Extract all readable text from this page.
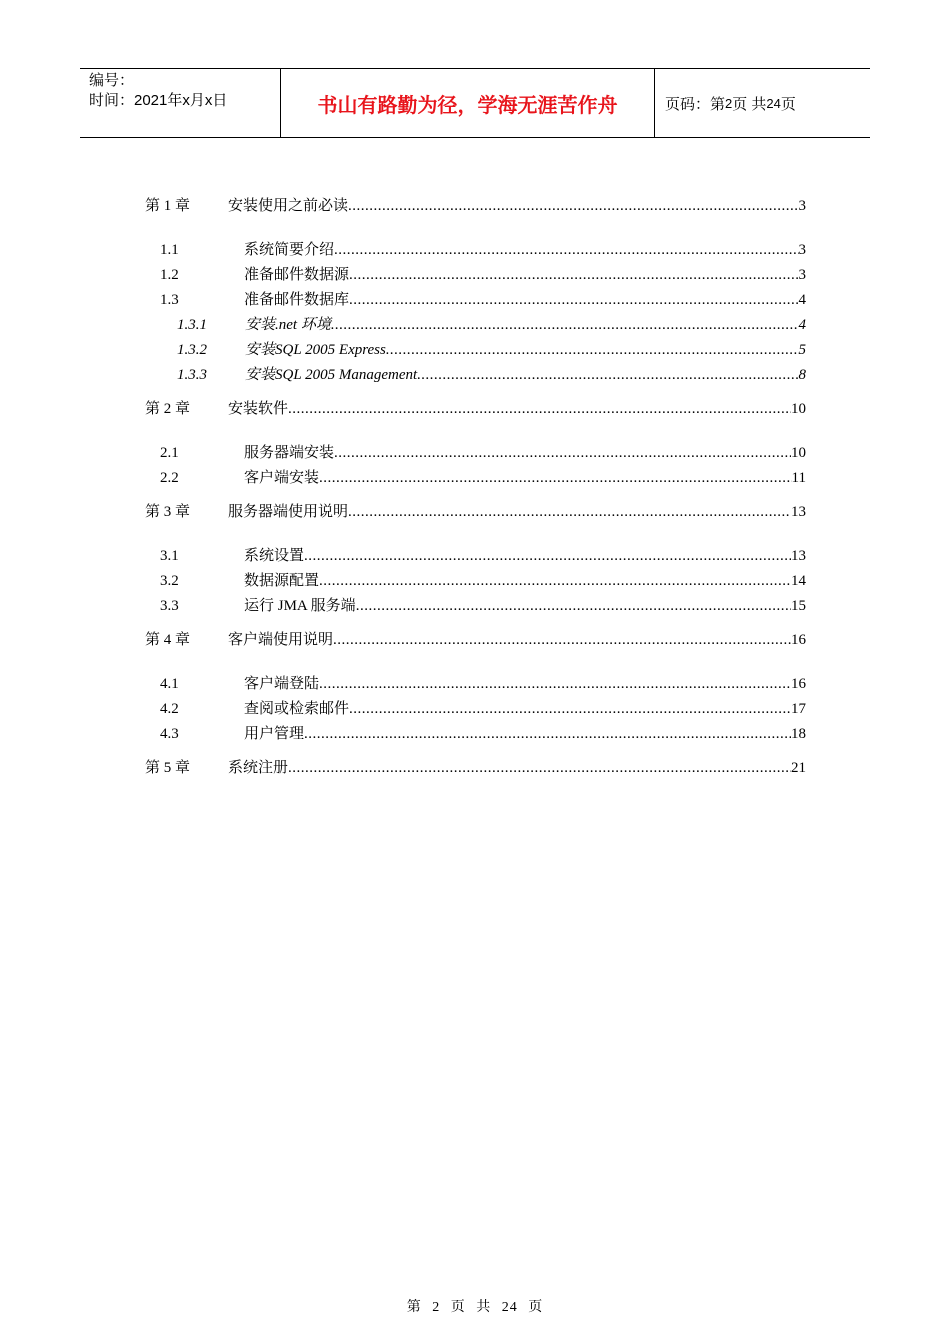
编号：
时间：2021年x月x日	书山有路勤为径，学海无涯苦作舟	页码：第 2 页 共 24 页
第 1 章	安装使用之前必读 .....	3
1.1	系统简要介绍 .....	3
1.2	准备邮件数据源 .....	3
1.3	准备邮件数据库 .....	4
1.3.1	安装.net 环境 .....	4
1.3.2	安装SQL 2005 Express .....	5
1.3.3	安装SQL 2005 Management .....	8
第 2 章	安装软件 .....	10
2.1	服务器端安装 .....	10
2.2	客户端安装 .....	11
第 3 章	服务器端使用说明 .....	13
3.1	系统设置 .....	13
3.2	数据源配置 .....	14
3.3	运行 JMA 服务端 .....	15
第 4 章	客户端使用说明 .....	16
4.1	客户端登陆 .....	16
4.2	查阅或检索邮件 .....	17
4.3	用户管理 .....	18
第 5 章	系统注册 .....	21
第 2 页 共 24 页
